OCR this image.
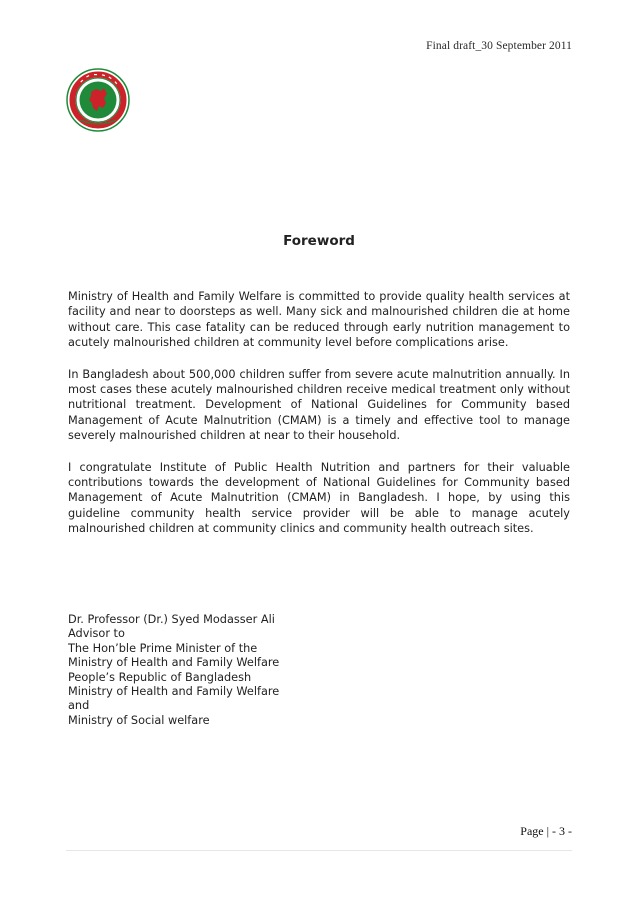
Final draft_30 September 2011
Foreword

Ministry of Health and Family Welfare is committed to provide quality health services at facility and near to doorsteps as well. Many sick and malnourished children die at home without care. This case fatality can be reduced through early nutrition management to acutely malnourished children at community level before complications arise.

In Bangladesh about 500,000 children suffer from severe acute malnutrition annually. In most cases these acutely malnourished children receive medical treatment only without nutritional treatment. Development of National Guidelines for Community based Management of Acute Malnutrition (CMAM) is a timely and effective tool to manage severely malnourished children at near to their household.

I congratulate Institute of Public Health Nutrition and partners for their valuable contributions towards the development of National Guidelines for Community based Management of Acute Malnutrition (CMAM) in Bangladesh. I hope, by using this guideline community health service provider will be able to manage acutely malnourished children at community clinics and community health outreach sites.

Dr. Professor (Dr.) Syed Modasser Ali
Advisor to
The Hon’ble Prime Minister of the
Ministry of Health and Family Welfare
People’s Republic of Bangladesh
Ministry of Health and Family Welfare
and
Ministry of Social welfare
Page | - 3 -
